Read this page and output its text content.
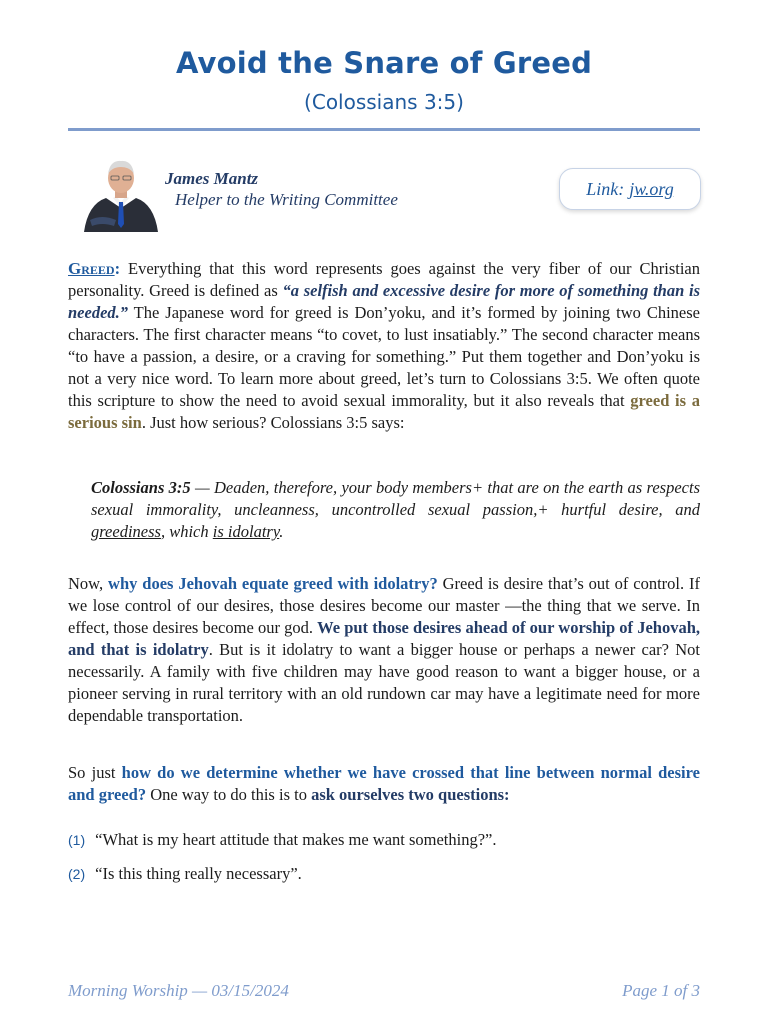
Avoid the Snare of Greed
(Colossians 3:5)
James Mantz
Helper to the Writing Committee
Link: jw.org
Greed: Everything that this word represents goes against the very fiber of our Christian personality. Greed is defined as “a selfish and excessive desire for more of something than is needed.” The Japanese word for greed is Don’yoku, and it’s formed by joining two Chinese characters. The first character means “to covet, to lust insatiably.” The second character means “to have a passion, a desire, or a craving for something.” Put them together and Don’yoku is not a very nice word. To learn more about greed, let’s turn to Colossians 3:5. We often quote this scripture to show the need to avoid sexual immorality, but it also reveals that greed is a serious sin. Just how serious? Colossians 3:5 says:
Colossians 3:5 — Deaden, therefore, your body members+ that are on the earth as respects sexual immorality, uncleanness, uncontrolled sexual passion,+ hurtful desire, and greediness, which is idolatry.
Now, why does Jehovah equate greed with idolatry? Greed is desire that’s out of control. If we lose control of our desires, those desires become our master —the thing that we serve. In effect, those desires become our god. We put those desires ahead of our worship of Jehovah, and that is idolatry. But is it idolatry to want a bigger house or perhaps a newer car? Not necessarily. A family with five children may have good reason to want a bigger house, or a pioneer serving in rural territory with an old rundown car may have a legitimate need for more dependable transportation.
So just how do we determine whether we have crossed that line between normal desire and greed? One way to do this is to ask ourselves two questions:
(1) “What is my heart attitude that makes me want something?”.
(2) “Is this thing really necessary”.
Morning Worship — 03/15/2024	Page 1 of 3
